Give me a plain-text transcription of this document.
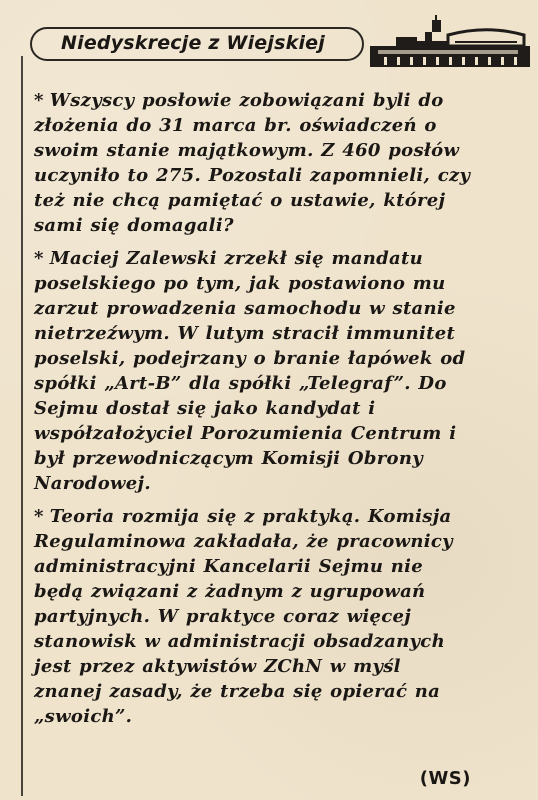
Niedyskrecje z Wiejskiej

* Wszyscy posłowie zobowiązani byli do złożenia do 31 marca br. oświadczeń o swoim stanie majątkowym. Z 460 posłów uczyniło to 275. Pozostali zapomnieli, czy też nie chcą pamiętać o ustawie, której sami się domagali?

* Maciej Zalewski zrzekł się mandatu poselskiego po tym, jak postawiono mu zarzut prowadzenia samochodu w stanie nietrzeźwym. W lutym stracił immunitet poselski, podejrzany o branie łapówek od spółki „Art-B” dla spółki „Telegraf”. Do Sejmu dostał się jako kandydat i współzałożyciel Porozumienia Centrum i był przewodniczącym Komisji Obrony Narodowej.

* Teoria rozmija się z praktyką. Komisja Regulaminowa zakładała, że pracownicy administracyjni Kancelarii Sejmu nie będą związani z żadnym z ugrupowań partyjnych. W praktyce coraz więcej stanowisk w administracji obsadzanych jest przez aktywistów ZChN w myśl znanej zasady, że trzeba się opierać na „swoich”.

(WS)
